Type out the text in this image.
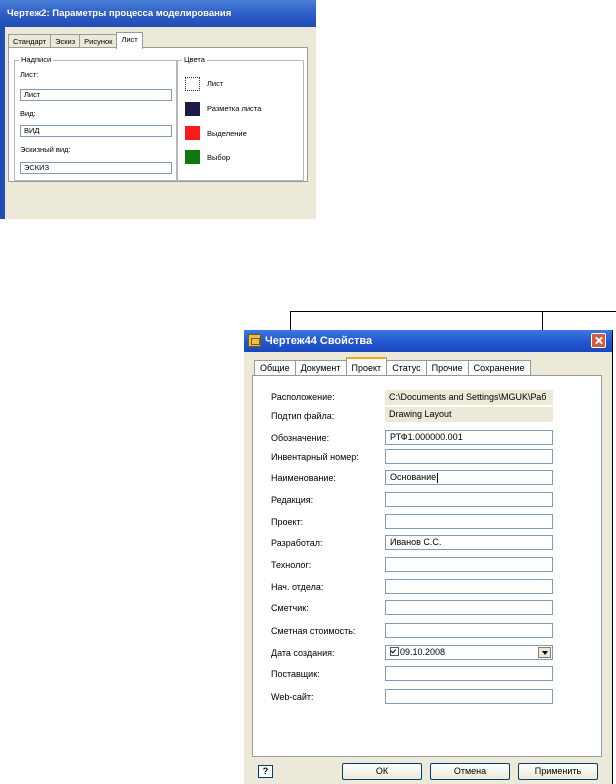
Чертеж2: Параметры процесса моделирования
Стандарт	Эскиз	Рисунок	Лист
Надписи
Лист:
Лист
Вид:
ВИД
Эскизный вид:
ЭСКИЗ
Цвета
Лист
Разметка листа
Выделение
Выбор
Чертеж44 Свойства
Общие	Документ	Проект	Статус	Прочие	Сохранение
Расположение:	C:\Documents and Settings\MGUK\Раб
Подтип файла:	Drawing Layout
Обозначение:	РТФ1.000000.001
Инвентарный номер:
Наименование:	Основание
Редакция:
Проект:
Разработал:	Иванов С.С.
Технолог:
Нач. отдела:
Сметчик:
Сметная стоимость:
Дата создания:	09.10.2008
Поставщик:
Web-сайт:
?	ОК	Отмена	Применить
